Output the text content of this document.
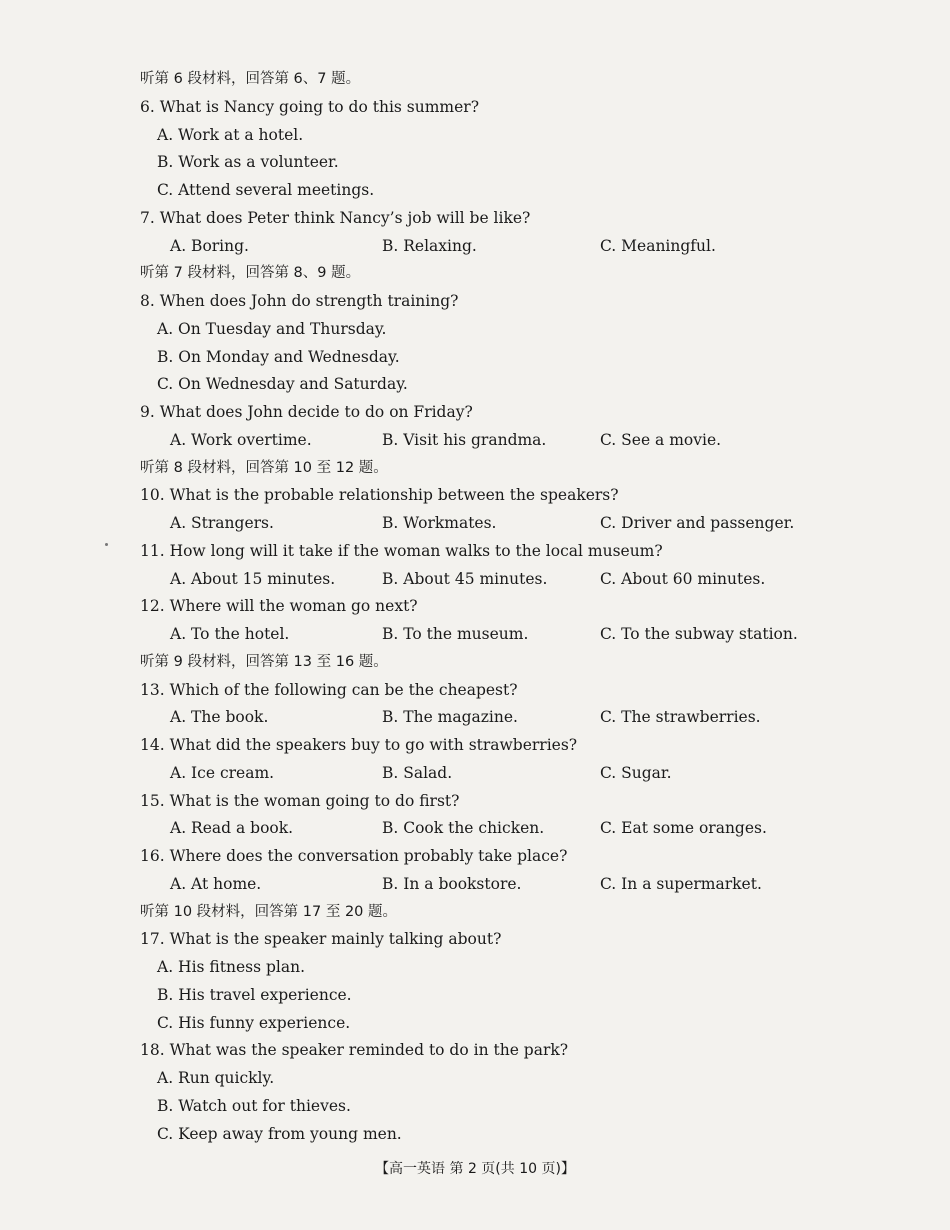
听第 6 段材料，回答第 6、7 题。
6. What is Nancy going to do this summer?
A. Work at a hotel.
B. Work as a volunteer.
C. Attend several meetings.
7. What does Peter think Nancy’s job will be like?
A. Boring.	B. Relaxing.	C. Meaningful.
听第 7 段材料，回答第 8、9 题。
8. When does John do strength training?
A. On Tuesday and Thursday.
B. On Monday and Wednesday.
C. On Wednesday and Saturday.
9. What does John decide to do on Friday?
A. Work overtime.	B. Visit his grandma.	C. See a movie.
听第 8 段材料，回答第 10 至 12 题。
10. What is the probable relationship between the speakers?
A. Strangers.	B. Workmates.	C. Driver and passenger.
11. How long will it take if the woman walks to the local museum?
A. About 15 minutes.	B. About 45 minutes.	C. About 60 minutes.
12. Where will the woman go next?
A. To the hotel.	B. To the museum.	C. To the subway station.
听第 9 段材料，回答第 13 至 16 题。
13. Which of the following can be the cheapest?
A. The book.	B. The magazine.	C. The strawberries.
14. What did the speakers buy to go with strawberries?
A. Ice cream.	B. Salad.	C. Sugar.
15. What is the woman going to do first?
A. Read a book.	B. Cook the chicken.	C. Eat some oranges.
16. Where does the conversation probably take place?
A. At home.	B. In a bookstore.	C. In a supermarket.
听第 10 段材料，回答第 17 至 20 题。
17. What is the speaker mainly talking about?
A. His fitness plan.
B. His travel experience.
C. His funny experience.
18. What was the speaker reminded to do in the park?
A. Run quickly.
B. Watch out for thieves.
C. Keep away from young men.
【高一英语 第 2 页(共 10 页)】
